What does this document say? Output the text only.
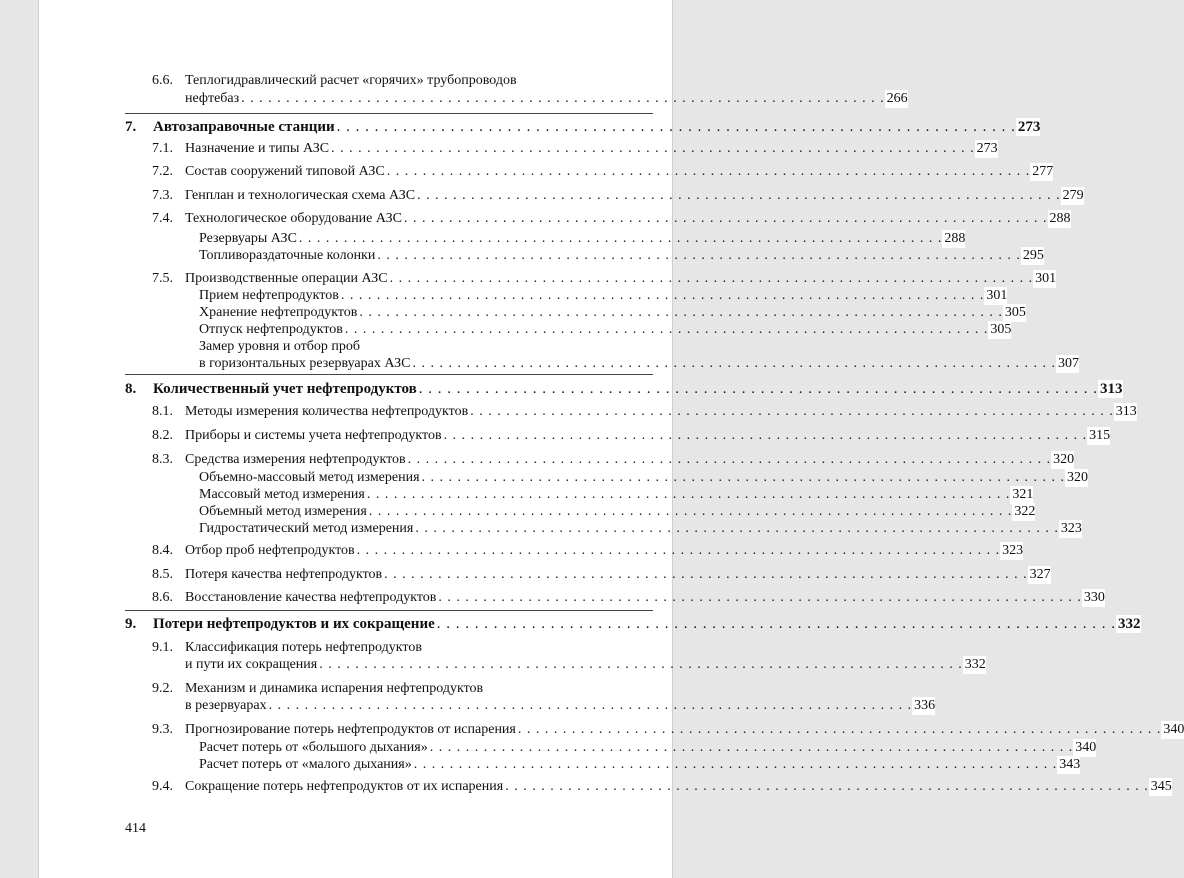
6.6. Теплогидравлический расчет «горячих» трубопроводов
нефтебаз . . . . . . . . . . . . . . . . . . . . . . . . . . . . . . . . . . . . . . . . . . . . . . . . . . . . . . . . . . . . . . . . . . . . . . . . 266
7. Автозаправочные станции . . . . . . . . . . . . . . . . . . . . . . . . . . . . . . . . . . . . . . . . . . . . . . . . . . . . . . . . . . . . . . . . . . . . . . . . 273
7.1. Назначение и типы АЗС . . . . . . . . . . . . . . . . . . . . . . . . . . . . . . . . . . . . . . . . . . . . . . . . . . . . . . . . . . . . . . . . . . . . . . . . 273
7.2. Состав сооружений типовой АЗС . . . . . . . . . . . . . . . . . . . . . . . . . . . . . . . . . . . . . . . . . . . . . . . . . . . . . . . . . . . . . . . . . . . . . . . . 277
7.3. Генплан и технологическая схема АЗС . . . . . . . . . . . . . . . . . . . . . . . . . . . . . . . . . . . . . . . . . . . . . . . . . . . . . . . . . . . . . . . . . . . . . . . . 279
7.4. Технологическое оборудование АЗС . . . . . . . . . . . . . . . . . . . . . . . . . . . . . . . . . . . . . . . . . . . . . . . . . . . . . . . . . . . . . . . . . . . . . . . . 288
Резервуары АЗС . . . . . . . . . . . . . . . . . . . . . . . . . . . . . . . . . . . . . . . . . . . . . . . . . . . . . . . . . . . . . . . . . . . . . . . . 288
Топливораздаточные колонки . . . . . . . . . . . . . . . . . . . . . . . . . . . . . . . . . . . . . . . . . . . . . . . . . . . . . . . . . . . . . . . . . . . . . . . . 295
7.5. Производственные операции АЗС . . . . . . . . . . . . . . . . . . . . . . . . . . . . . . . . . . . . . . . . . . . . . . . . . . . . . . . . . . . . . . . . . . . . . . . . 301
Прием нефтепродуктов . . . . . . . . . . . . . . . . . . . . . . . . . . . . . . . . . . . . . . . . . . . . . . . . . . . . . . . . . . . . . . . . . . . . . . . . 301
Хранение нефтепродуктов . . . . . . . . . . . . . . . . . . . . . . . . . . . . . . . . . . . . . . . . . . . . . . . . . . . . . . . . . . . . . . . . . . . . . . . . 305
Отпуск нефтепродуктов . . . . . . . . . . . . . . . . . . . . . . . . . . . . . . . . . . . . . . . . . . . . . . . . . . . . . . . . . . . . . . . . . . . . . . . . 305
Замер уровня и отбор проб
в горизонтальных резервуарах АЗС . . . . . . . . . . . . . . . . . . . . . . . . . . . . . . . . . . . . . . . . . . . . . . . . . . . . . . . . . . . . . . . . . . . . . . . . 307
8. Количественный учет нефтепродуктов . . . . . . . . . . . . . . . . . . . . . . . . . . . . . . . . . . . . . . . . . . . . . . . . . . . . . . . . . . . . . . . . . . . . . . . . 313
8.1. Методы измерения количества нефтепродуктов . . . . . . . . . . . . . . . . . . . . . . . . . . . . . . . . . . . . . . . . . . . . . . . . . . . . . . . . . . . . . . . . . . . . . . . . 313
8.2. Приборы и системы учета нефтепродуктов . . . . . . . . . . . . . . . . . . . . . . . . . . . . . . . . . . . . . . . . . . . . . . . . . . . . . . . . . . . . . . . . . . . . . . . . 315
8.3. Средства измерения нефтепродуктов . . . . . . . . . . . . . . . . . . . . . . . . . . . . . . . . . . . . . . . . . . . . . . . . . . . . . . . . . . . . . . . . . . . . . . . . 320
Объемно-массовый метод измерения . . . . . . . . . . . . . . . . . . . . . . . . . . . . . . . . . . . . . . . . . . . . . . . . . . . . . . . . . . . . . . . . . . . . . . . . 320
Массовый метод измерения . . . . . . . . . . . . . . . . . . . . . . . . . . . . . . . . . . . . . . . . . . . . . . . . . . . . . . . . . . . . . . . . . . . . . . . . 321
Объемный метод измерения . . . . . . . . . . . . . . . . . . . . . . . . . . . . . . . . . . . . . . . . . . . . . . . . . . . . . . . . . . . . . . . . . . . . . . . . 322
Гидростатический метод измерения . . . . . . . . . . . . . . . . . . . . . . . . . . . . . . . . . . . . . . . . . . . . . . . . . . . . . . . . . . . . . . . . . . . . . . . . 323
8.4. Отбор проб нефтепродуктов . . . . . . . . . . . . . . . . . . . . . . . . . . . . . . . . . . . . . . . . . . . . . . . . . . . . . . . . . . . . . . . . . . . . . . . . 323
8.5. Потеря качества нефтепродуктов . . . . . . . . . . . . . . . . . . . . . . . . . . . . . . . . . . . . . . . . . . . . . . . . . . . . . . . . . . . . . . . . . . . . . . . . 327
8.6. Восстановление качества нефтепродуктов . . . . . . . . . . . . . . . . . . . . . . . . . . . . . . . . . . . . . . . . . . . . . . . . . . . . . . . . . . . . . . . . . . . . . . . . 330
9. Потери нефтепродуктов и их сокращение . . . . . . . . . . . . . . . . . . . . . . . . . . . . . . . . . . . . . . . . . . . . . . . . . . . . . . . . . . . . . . . . . . . . . . . . 332
9.1. Классификация потерь нефтепродуктов
и пути их сокращения . . . . . . . . . . . . . . . . . . . . . . . . . . . . . . . . . . . . . . . . . . . . . . . . . . . . . . . . . . . . . . . . . . . . . . . . 332
9.2. Механизм и динамика испарения нефтепродуктов
в резервуарах . . . . . . . . . . . . . . . . . . . . . . . . . . . . . . . . . . . . . . . . . . . . . . . . . . . . . . . . . . . . . . . . . . . . . . . . 336
9.3. Прогнозирование потерь нефтепродуктов от испарения . . . . . . . . . . . . . . . . . . . . . . . . . . . . . . . . . . . . . . . . . . . . . . . . . . . . . . . . . . . . . . . . . . . . . . . . 340
Расчет потерь от «большого дыхания» . . . . . . . . . . . . . . . . . . . . . . . . . . . . . . . . . . . . . . . . . . . . . . . . . . . . . . . . . . . . . . . . . . . . . . . . 340
Расчет потерь от «малого дыхания» . . . . . . . . . . . . . . . . . . . . . . . . . . . . . . . . . . . . . . . . . . . . . . . . . . . . . . . . . . . . . . . . . . . . . . . . 343
9.4. Сокращение потерь нефтепродуктов от их испарения . . . . . . . . . . . . . . . . . . . . . . . . . . . . . . . . . . . . . . . . . . . . . . . . . . . . . . . . . . . . . . . . . . . . . . . . 345
414
